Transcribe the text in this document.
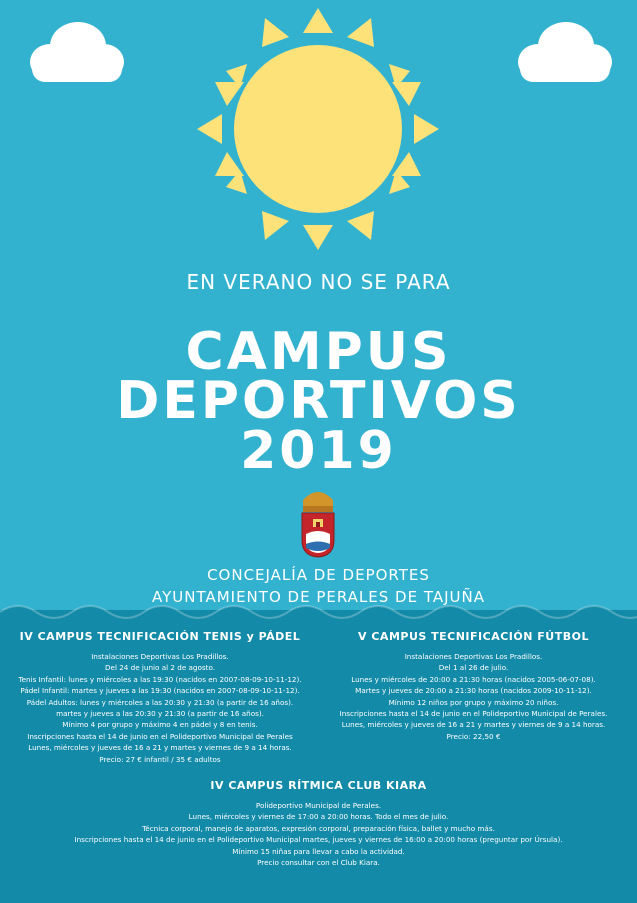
EN VERANO NO SE PARA
CAMPUS
DEPORTIVOS
2019
CONCEJALÍA DE DEPORTES
AYUNTAMIENTO DE PERALES DE TAJUÑA
IV CAMPUS TECNIFICACIÓN TENIS y PÁDEL
Instalaciones Deportivas Los Pradillos.
Del 24 de junio al 2 de agosto.
Tenis Infantil: lunes y miércoles a las 19:30 (nacidos en 2007-08-09-10-11-12).
Pádel Infantil: martes y jueves a las 19:30 (nacidos en 2007-08-09-10-11-12).
Pádel Adultos: lunes y miércoles a las 20:30 y 21:30 (a partir de 16 años).
martes y jueves a las 20:30 y 21:30 (a partir de 16 años).
Mínimo 4 por grupo y máximo 4 en pádel y 8 en tenis.
Inscripciones hasta el 14 de junio en el Polideportivo Municipal de Perales
Lunes, miércoles y jueves de 16 a 21 y martes y viernes de 9 a 14 horas.
Precio: 27 € infantil / 35 € adultos
V CAMPUS TECNIFICACIÓN FÚTBOL
Instalaciones Deportivas Los Pradillos.
Del 1 al 26 de julio.
Lunes y miércoles de 20:00 a 21:30 horas (nacidos 2005-06-07-08).
Martes y jueves de 20:00 a 21:30 horas (nacidos 2009-10-11-12).
Mínimo 12 niños por grupo y máximo 20 niños.
Inscripciones hasta el 14 de junio en el Polideportivo Municipal de Perales.
Lunes, miércoles y jueves de 16 a 21 y martes y viernes de 9 a 14 horas.
Precio: 22,50 €
IV CAMPUS RÍTMICA CLUB KIARA
Polideportivo Municipal de Perales.
Lunes, miércoles y viernes de 17:00 a 20:00 horas. Todo el mes de julio.
Técnica corporal, manejo de aparatos, expresión corporal, preparación física, ballet y mucho más.
Inscripciones hasta el 14 de junio en el Polideportivo Municipal martes, jueves y viernes de 16:00 a 20:00 horas (preguntar por Úrsula).
Mínimo 15 niñas para llevar a cabo la actividad.
Precio consultar con el Club Kiara.
